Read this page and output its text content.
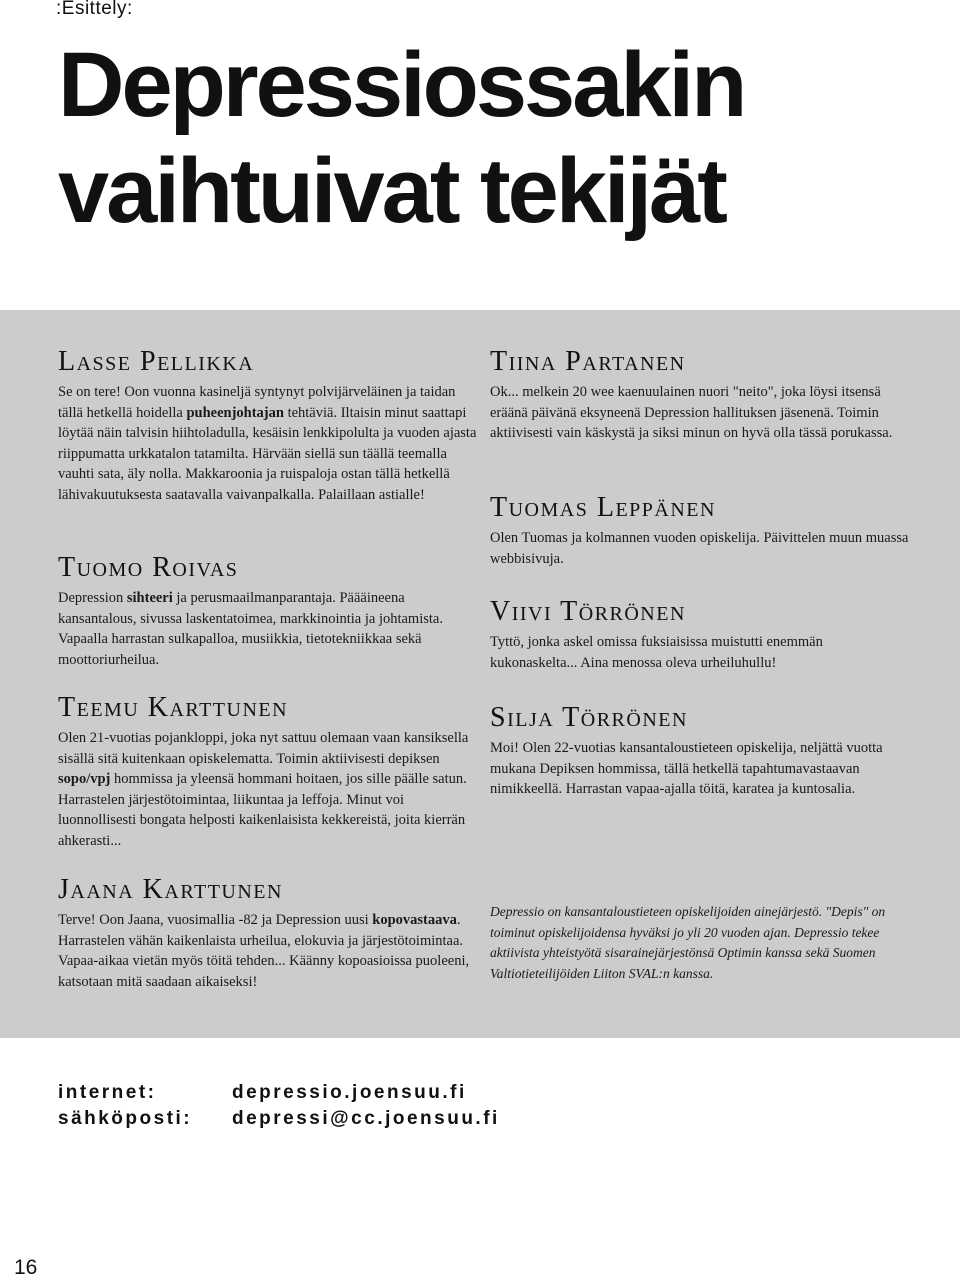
:Esittely:
Depressiossakin
vaihtuivat tekijät
Lasse Pellikka

Se on tere! Oon vuonna kasineljä syntynyt polvijärveläinen ja taidan tällä hetkellä hoidella puheenjohtajan tehtäviä. Iltaisin minut saattapi löytää näin talvisin hiihtoladulla, kesäisin lenkkipolulta ja vuoden ajasta riippumatta urkkatalon tatamilta. Härvään siellä sun täällä teemalla vauhti sata, äly nolla. Makkaroonia ja ruispaloja ostan tällä hetkellä lähivakuutuksesta saatavalla vaivanpalkalla. Palaillaan astialle!

Tuomo Roivas

Depression sihteeri ja perusmaailmanparantaja. Päääineena kansantalous, sivussa laskentatoimea, markkinointia ja johtamista. Vapaalla harrastan sulkapalloa, musiikkia, tietotekniikkaa sekä moottoriurheilua.

Teemu Karttunen

Olen 21-vuotias pojankloppi, joka nyt sattuu olemaan vaan kansiksella sisällä sitä kuitenkaan opiskelematta. Toimin aktiivisesti depiksen sopo/vpj hommissa ja yleensä hommani hoitaen, jos sille päälle satun. Harrastelen järjestötoimintaa, liikuntaa ja leffoja. Minut voi luonnollisesti bongata helposti kaikenlaisista kekkereistä, joita kierrän ahkerasti...

Jaana Karttunen

Terve! Oon Jaana, vuosimallia -82 ja Depression uusi kopovastaava. Harrastelen vähän kaikenlaista urheilua, elokuvia ja järjestötoimintaa. Vapaa-aikaa vietän myös töitä tehden... Käänny kopoasioissa puoleeni, katsotaan mitä saadaan aikaiseksi!

Tiina Partanen

Ok... melkein 20 wee kaenuulainen nuori "neito", joka löysi itsensä eräänä päivänä eksyneenä Depression hallituksen jäsenenä. Toimin aktiivisesti vain käskystä ja siksi minun on hyvä olla tässä porukassa.

Tuomas Leppänen

Olen Tuomas ja kolmannen vuoden opiskelija. Päivittelen muun muassa webbisivuja.

Viivi Törrönen

Tyttö, jonka askel omissa fuksiaisissa muistutti enemmän kukonaskelta... Aina menossa oleva urheiluhullu!

Silja Törrönen

Moi! Olen 22-vuotias kansantaloustieteen opiskelija, neljättä vuotta mukana Depiksen hommissa, tällä hetkellä tapahtumavastaavan nimikkeellä. Harrastan vapaa-ajalla töitä, karatea ja kuntosalia.

Depressio on kansantaloustieteen opiskelijoiden ainejärjestö. "Depis" on toiminut opiskelijoidensa hyväksi jo yli 20 vuoden ajan. Depressio tekee aktiivista yhteistyötä sisarainejärjestönsä Optimin kanssa sekä Suomen Valtiotieteilijöiden Liiton SVAL:n kanssa.

internet:	depressio.joensuu.fi
sähköposti:	depressi@cc.joensuu.fi
16
